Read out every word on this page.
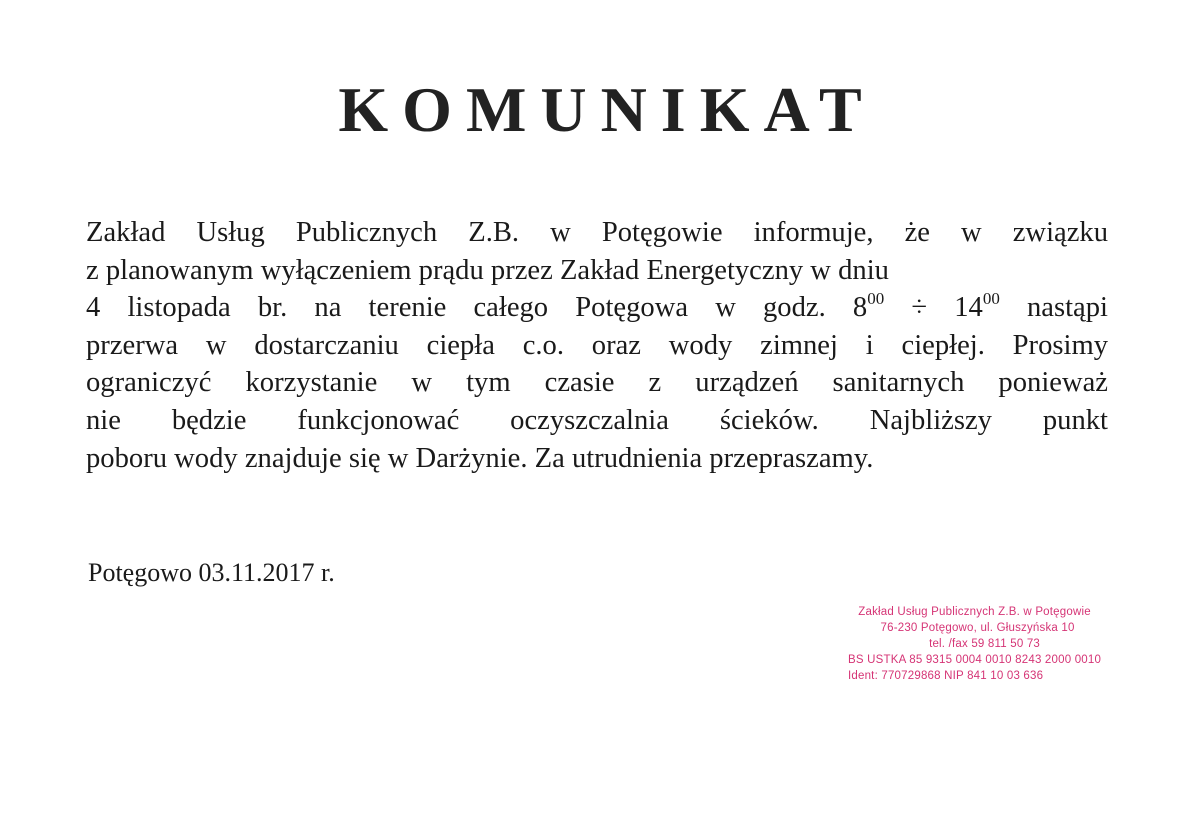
KOMUNIKAT
Zakład Usług Publicznych Z.B. w Potęgowie informuje, że w związku
z planowanym wyłączeniem prądu przez Zakład Energetyczny w dniu
4 listopada br. na terenie całego Potęgowa w godz. $8^{00} \div 14^{00}$ nastąpi
przerwa w dostarczaniu ciepła c.o. oraz wody zimnej i ciepłej. Prosimy
ograniczyć korzystanie w tym czasie z urządzeń sanitarnych ponieważ
nie będzie funkcjonować oczyszczalnia ścieków. Najbliższy punkt
poboru wody znajduje się w Darżynie. Za utrudnienia przepraszamy.

Potęgowo 03.11.2017 r.

Zakład Usług Publicznych Z.B. w Potęgowie
76-230 Potęgowo, ul. Głuszyńska 10
tel. /fax 59 811 50 73
BS USTKA 85 9315 0004 0010 8243 2000 0010
Ident: 770729868 NIP 841 10 03 636
